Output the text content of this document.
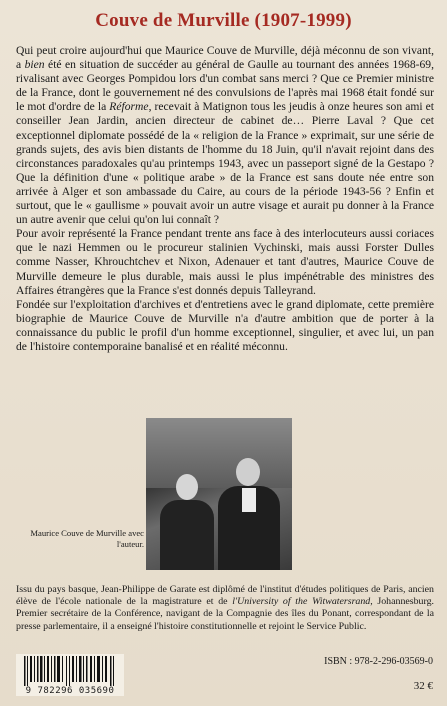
Couve de Murville (1907-1999)

Qui peut croire aujourd'hui que Maurice Couve de Murville, déjà méconnu de son vivant, a bien été en situation de succéder au général de Gaulle au tournant des années 1968-69, rivalisant avec Georges Pompidou lors d'un combat sans merci ? Que ce Premier ministre de la France, dont le gouvernement né des convulsions de l'après mai 1968 était fondé sur le mot d'ordre de la Réforme, recevait à Matignon tous les jeudis à onze heures son ami et conseiller Jean Jardin, ancien directeur de cabinet de… Pierre Laval ? Que cet exceptionnel diplomate possédé de la « religion de la France » exprimait, sur une série de grands sujets, des avis bien distants de l'homme du 18 Juin, qu'il n'avait rejoint dans des circonstances paradoxales qu'au printemps 1943, avec un passeport signé de la Gestapo ? Que la définition d'une « politique arabe » de la France est sans doute née entre son arrivée à Alger et son ambassade du Caire, au cours de la période 1943-56 ? Enfin et surtout, que le « gaullisme » pouvait avoir un autre visage et aurait pu donner à la France un autre avenir que celui qu'on lui connaît ?

Pour avoir représenté la France pendant trente ans face à des interlocuteurs aussi coriaces que le nazi Hemmen ou le procureur stalinien Vychinski, mais aussi Forster Dulles comme Nasser, Khrouchtchev et Nixon, Adenauer et tant d'autres, Maurice Couve de Murville demeure le plus durable, mais aussi le plus impénétrable des ministres des Affaires étrangères que la France s'est donnés depuis Talleyrand.

Fondée sur l'exploitation d'archives et d'entretiens avec le grand diplomate, cette première biographie de Maurice Couve de Murville n'a d'autre ambition que de porter à la connaissance du public le profil d'un homme exceptionnel, singulier, et avec lui, un pan de l'histoire contemporaine banalisé et en réalité méconnu.

Maurice Couve de Murville avec l'auteur.
Issu du pays basque, Jean-Philippe de Garate est diplômé de l'institut d'études politiques de Paris, ancien élève de l'école nationale de la magistrature et de l'University of the Witwatersrand, Johannesburg. Premier secrétaire de la Conférence, navigant de la Compagnie des îles du Ponant, correspondant de la presse parlementaire, il a enseigné l'histoire constitutionnelle et rejoint le Service Public.
9 782296 035690
ISBN : 978-2-296-03569-0
32 €
